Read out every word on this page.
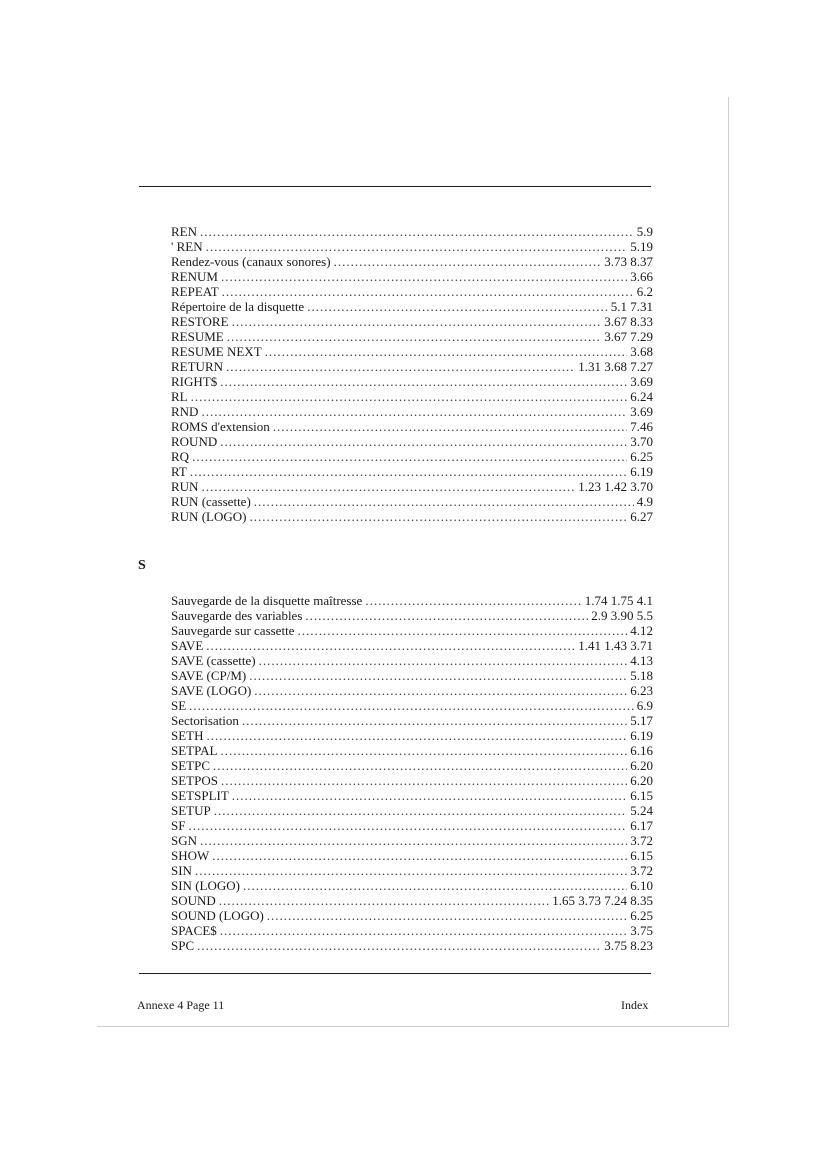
REN .....	5.9
' REN .....	5.19
Rendez-vous (canaux sonores) .....	3.73 8.37
RENUM .....	3.66
REPEAT .....	6.2
Répertoire de la disquette .....	5.1 7.31
RESTORE .....	3.67 8.33
RESUME .....	3.67 7.29
RESUME NEXT .....	3.68
RETURN .....	1.31 3.68 7.27
RIGHT$ .....	3.69
RL .....	6.24
RND .....	3.69
ROMS d'extension .....	7.46
ROUND .....	3.70
RQ .....	6.25
RT .....	6.19
RUN .....	1.23 1.42 3.70
RUN (cassette) .....	4.9
RUN (LOGO) .....	6.27
S
Sauvegarde de la disquette maîtresse .....	1.74 1.75 4.1
Sauvegarde des variables .....	2.9 3.90 5.5
Sauvegarde sur cassette .....	4.12
SAVE .....	1.41 1.43 3.71
SAVE (cassette) .....	4.13
SAVE (CP/M) .....	5.18
SAVE (LOGO) .....	6.23
SE .....	6.9
Sectorisation .....	5.17
SETH .....	6.19
SETPAL .....	6.16
SETPC .....	6.20
SETPOS .....	6.20
SETSPLIT .....	6.15
SETUP .....	5.24
SF .....	6.17
SGN .....	3.72
SHOW .....	6.15
SIN .....	3.72
SIN (LOGO) .....	6.10
SOUND .....	1.65 3.73 7.24 8.35
SOUND (LOGO) .....	6.25
SPACE$ .....	3.75
SPC .....	3.75 8.23
Annexe 4 Page 11	Index
